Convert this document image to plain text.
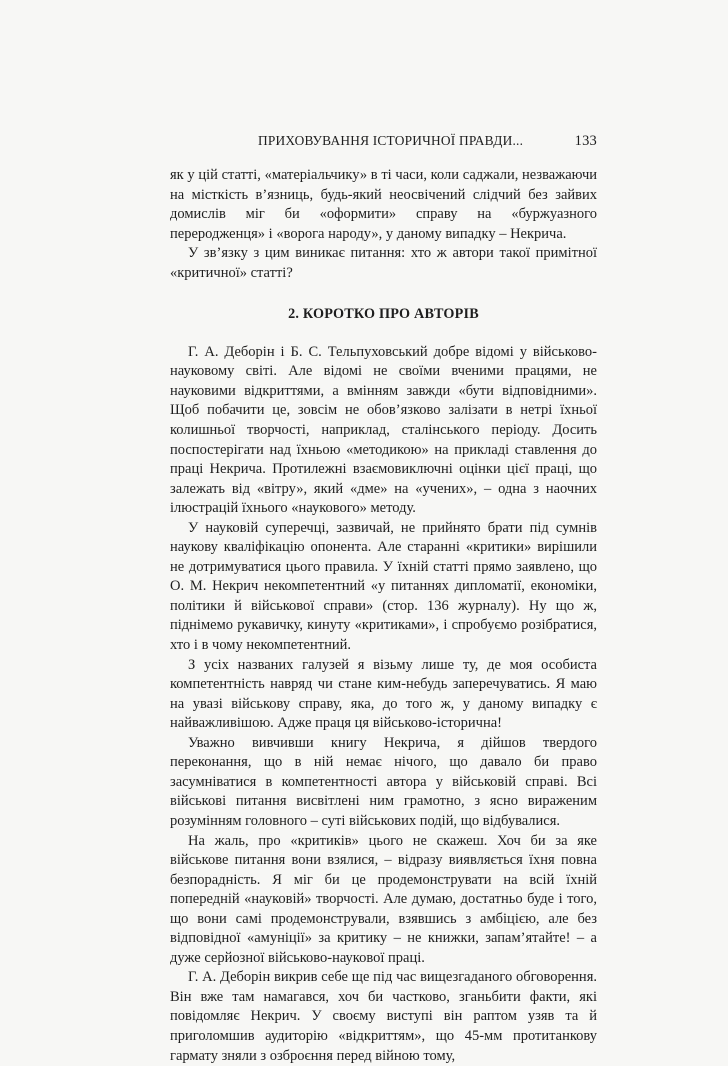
ПРИХОВУВАННЯ ІСТОРИЧНОЇ ПРАВДИ...	133

як у цій статті, «матеріальчику» в ті часи, коли саджали, незважаючи на місткість в’язниць, будь-який неосвічений слідчий без зайвих домислів міг би «оформити» справу на «буржуазного переродженця» і «ворога народу», у даному випадку – Некрича.

У зв’язку з цим виникає питання: хто ж автори такої примітної «критичної» статті?

2. КОРОТКО ПРО АВТОРІВ

Г. А. Деборін і Б. С. Тельпуховський добре відомі у військово-науковому світі. Але відомі не своїми вченими працями, не науковими відкриттями, а вмінням завжди «бути відповідними». Щоб побачити це, зовсім не обов’язково залізати в нетрі їхньої колишньої творчості, наприклад, сталінського періоду. Досить поспостерігати над їхньою «методикою» на прикладі ставлення до праці Некрича. Протилежні взаємовиключні оцінки цієї праці, що залежать від «вітру», який «дме» на «учених», – одна з наочних ілюстрацій їхнього «наукового» методу.

У науковій суперечці, зазвичай, не прийнято брати під сумнів наукову кваліфікацію опонента. Але старанні «критики» вирішили не дотримуватися цього правила. У їхній статті прямо заявлено, що О. М. Некрич некомпетентний «у питаннях дипломатії, економіки, політики й військової справи» (стор. 136 журналу). Ну що ж, піднімемо рукавичку, кинуту «критиками», і спробуємо розібратися, хто і в чому некомпетентний.

З усіх названих галузей я візьму лише ту, де моя особиста компетентність навряд чи стане ким-небудь заперечуватись. Я маю на увазі військову справу, яка, до того ж, у даному випадку є найважливішою. Адже праця ця військово-історична!

Уважно вивчивши книгу Некрича, я дійшов твердого переконання, що в ній немає нічого, що давало би право засумніватися в компетентності автора у військовій справі. Всі військові питання висвітлені ним грамотно, з ясно вираженим розумінням головного – суті військових подій, що відбувалися.

На жаль, про «критиків» цього не скажеш. Хоч би за яке військове питання вони взялися, – відразу виявляється їхня повна безпорадність. Я міг би це продемонструвати на всій їхній попередній «науковій» творчості. Але думаю, достатньо буде і того, що вони самі продемонстрували, взявшись з амбіцією, але без відповідної «амуніції» за критику – не книжки, запам’ятайте! – а дуже серйозної військово-наукової праці.

Г. А. Деборін викрив себе ще під час вищезгаданого обговорення. Він вже там намагався, хоч би частково, зганьбити факти, які повідомляє Некрич. У своєму виступі він раптом узяв та й приголомшив аудиторію «відкриттям», що 45-мм протитанкову гармату зняли з озброєння перед війною тому,
